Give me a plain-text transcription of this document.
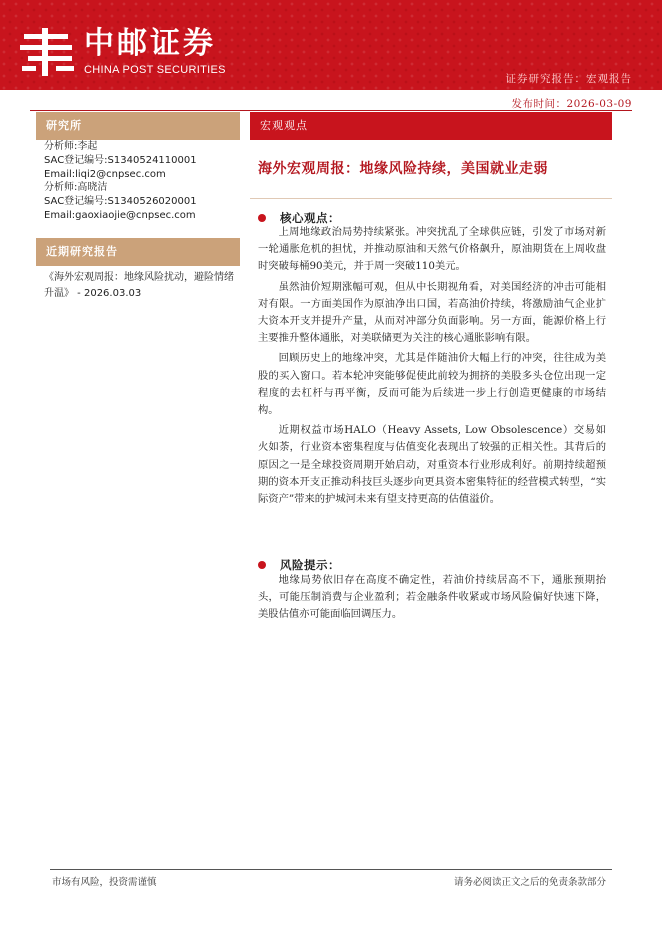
中邮证券
CHINA POST SECURITIES
证券研究报告：宏观报告
发布时间：2026-03-09
研究所
分析师:李起
SAC登记编号:S1340524110001
Email:liqi2@cnpsec.com
分析师:高晓洁
SAC登记编号:S1340526020001
Email:gaoxiaojie@cnpsec.com
近期研究报告
《海外宏观周报：地缘风险扰动，避险情绪升温》 - 2026.03.03
宏观观点
海外宏观周报：地缘风险持续，美国就业走弱
核心观点：

上周地缘政治局势持续紧张。冲突扰乱了全球供应链，引发了市场对新一轮通胀危机的担忧，并推动原油和天然气价格飙升，原油期货在上周收盘时突破每桶90美元，并于周一突破110美元。

虽然油价短期涨幅可观，但从中长期视角看，对美国经济的冲击可能相对有限。一方面美国作为原油净出口国，若高油价持续，将激励油气企业扩大资本开支并提升产量，从而对冲部分负面影响。另一方面，能源价格上行主要推升整体通胀，对美联储更为关注的核心通胀影响有限。

回顾历史上的地缘冲突，尤其是伴随油价大幅上行的冲突，往往成为美股的买入窗口。若本轮冲突能够促使此前较为拥挤的美股多头仓位出现一定程度的去杠杆与再平衡，反而可能为后续进一步上行创造更健康的市场结构。

近期权益市场HALO（Heavy Assets, Low Obsolescence）交易如火如荼，行业资本密集程度与估值变化表现出了较强的正相关性。其背后的原因之一是全球投资周期开始启动，对重资本行业形成利好。前期持续超预期的资本开支正推动科技巨头逐步向更具资本密集特征的经营模式转型，“实际资产”带来的护城河未来有望支持更高的估值溢价。

风险提示：

地缘局势依旧存在高度不确定性，若油价持续居高不下，通胀预期抬头，可能压制消费与企业盈利；若金融条件收紧或市场风险偏好快速下降，美股估值亦可能面临回调压力。

市场有风险，投资需谨慎	请务必阅读正文之后的免责条款部分
